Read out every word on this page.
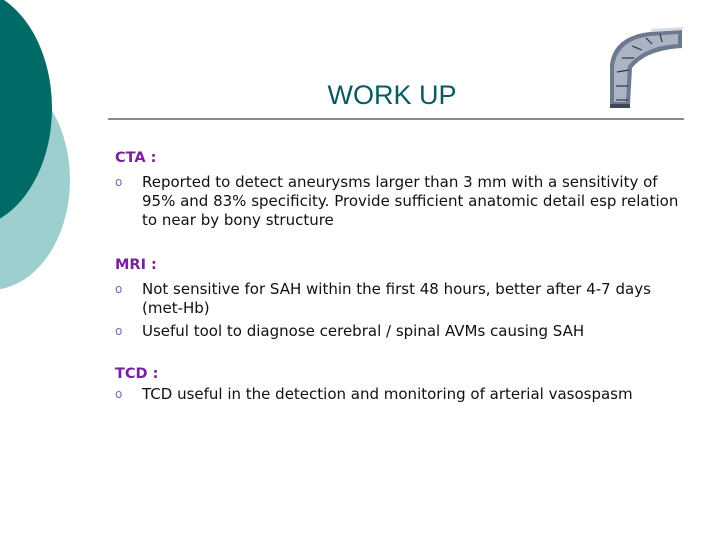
WORK UP
CTA :
o Reported to detect aneurysms larger than 3 mm with a sensitivity of 95% and 83% specificity. Provide sufficient anatomic detail esp relation to near by bony structure
MRI :
o Not sensitive for SAH within the first 48 hours, better after 4-7 days (met-Hb)
o Useful tool to diagnose cerebral / spinal AVMs causing SAH
TCD :
o TCD useful in the detection and monitoring of arterial vasospasm
